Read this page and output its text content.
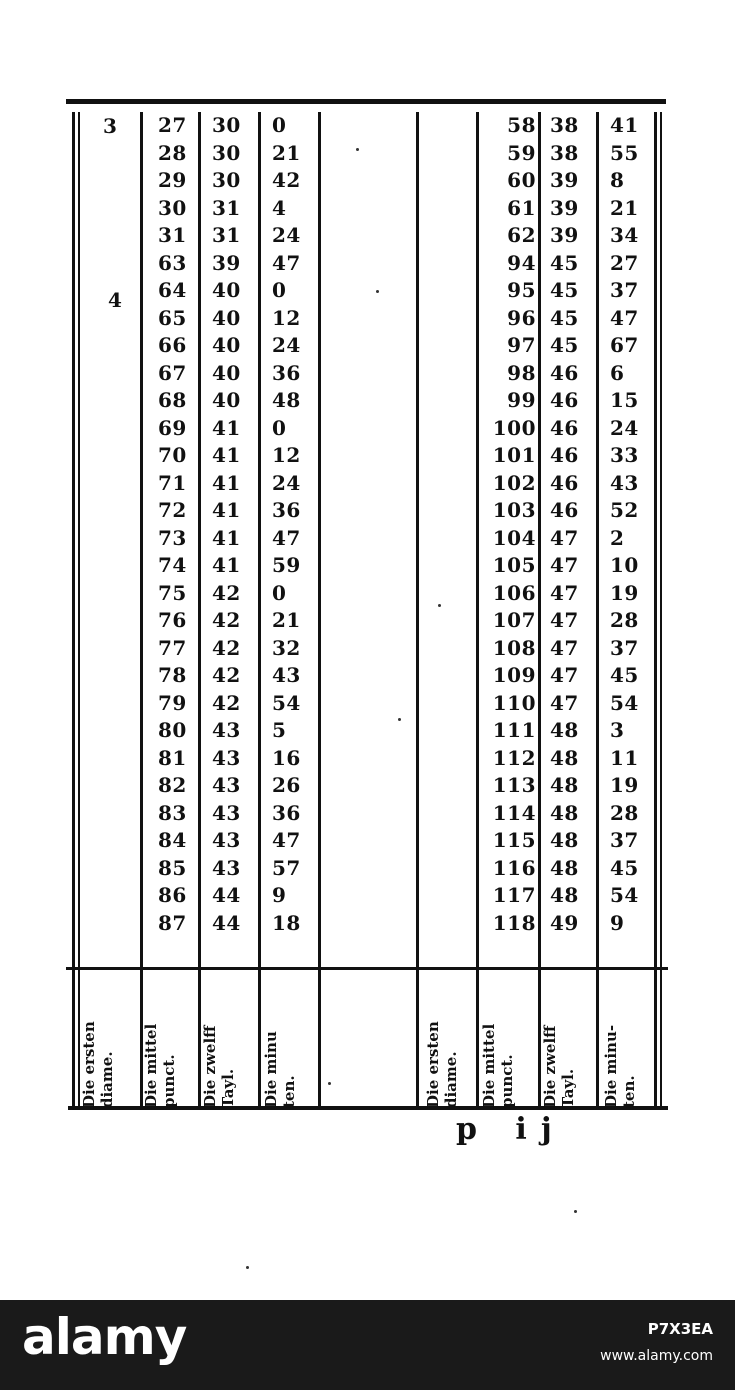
3
4
27
28
29
30
31
63
64
65
66
67
68
69
70
71
72
73
74
75
76
77
78
79
80
81
82
83
84
85
86
87
30
30
30
31
31
39
40
40
40
40
40
41
41
41
41
41
41
42
42
42
42
42
43
43
43
43
43
43
44
44
0
21
42
4
24
47
0
12
24
36
48
0
12
24
36
47
59
0
21
32
43
54
5
16
26
36
47
57
9
18
58
59
60
61
62
94
95
96
97
98
99
100
101
102
103
104
105
106
107
108
109
110
111
112
113
114
115
116
117
118
38
38
39
39
39
45
45
45
45
46
46
46
46
46
46
47
47
47
47
47
47
47
48
48
48
48
48
48
48
49
41
55
8
21
34
27
37
47
67
6
15
24
33
43
52
2
10
19
28
37
45
54
3
11
19
28
37
45
54
9
Die ersten
diame. Die mittel
punct. Die zwelff
Tayl. Die minu
ten.	Die ersten
diame. Die mittel
punct. Die zwelff
Tayl. Die minu-
ten.
p ij
alamy	P7X3EA
www.alamy.com
